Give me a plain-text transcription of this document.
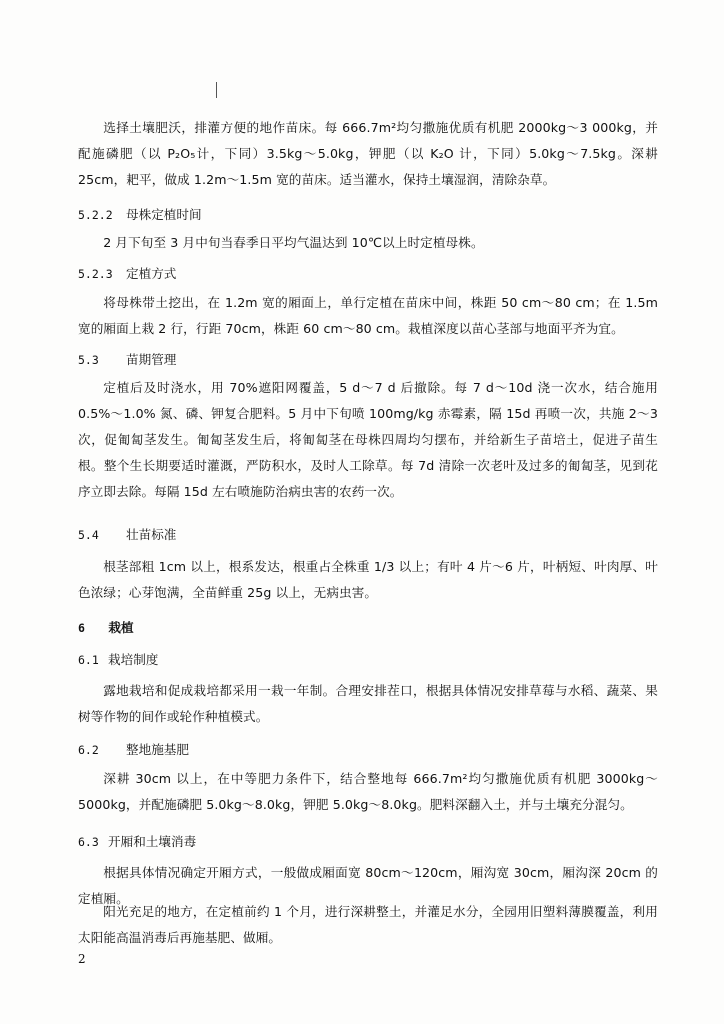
选择土壤肥沃，排灌方便的地作苗床。每 666.7m²均匀撒施优质有机肥 2000kg～3 000kg，并配施磷肥（以 P₂O₅计，下同）3.5kg～5.0kg，钾肥（以 K₂O 计，下同）5.0kg～7.5kg。深耕 25cm，耙平，做成 1.2m～1.5m 宽的苗床。适当灌水，保持土壤湿润，清除杂草。

5.2.2 母株定植时间

2 月下旬至 3 月中旬当春季日平均气温达到 10℃以上时定植母株。

5.2.3 定植方式

将母株带土挖出，在 1.2m 宽的厢面上，单行定植在苗床中间，株距 50 cm～80 cm；在 1.5m 宽的厢面上栽 2 行，行距 70cm，株距 60 cm～80 cm。栽植深度以苗心茎部与地面平齐为宜。

5.3 苗期管理

定植后及时浇水，用 70%遮阳网覆盖，5 d～7 d 后撤除。每 7 d～10d 浇一次水，结合施用 0.5%～1.0% 氮、磷、钾复合肥料。5 月中下旬喷 100mg/kg 赤霉素，隔 15d 再喷一次，共施 2～3 次，促匍匐茎发生。匍匐茎发生后，将匍匐茎在母株四周均匀摆布，并给新生子苗培土，促进子苗生根。整个生长期要适时灌溉，严防积水，及时人工除草。每 7d 清除一次老叶及过多的匍匐茎，见到花序立即去除。每隔 15d 左右喷施防治病虫害的农药一次。

5.4 壮苗标准

根茎部粗 1cm 以上，根系发达，根重占全株重 1/3 以上；有叶 4 片～6 片，叶柄短、叶肉厚、叶色浓绿；心芽饱满，全苗鲜重 25g 以上，无病虫害。

6 栽植
6.1 栽培制度

露地栽培和促成栽培都采用一栽一年制。合理安排茬口，根据具体情况安排草莓与水稻、蔬菜、果树等作物的间作或轮作种植模式。

6.2 整地施基肥

深耕 30cm 以上，在中等肥力条件下，结合整地每 666.7m²均匀撒施优质有机肥 3000kg～5000kg，并配施磷肥 5.0kg～8.0kg，钾肥 5.0kg～8.0kg。肥料深翻入土，并与土壤充分混匀。

6.3 开厢和土壤消毒

根据具体情况确定开厢方式，一般做成厢面宽 80cm～120cm，厢沟宽 30cm，厢沟深 20cm 的定植厢。

阳光充足的地方，在定植前约 1 个月，进行深耕整土，并灌足水分，全园用旧塑料薄膜覆盖，利用太阳能高温消毒后再施基肥、做厢。

2
